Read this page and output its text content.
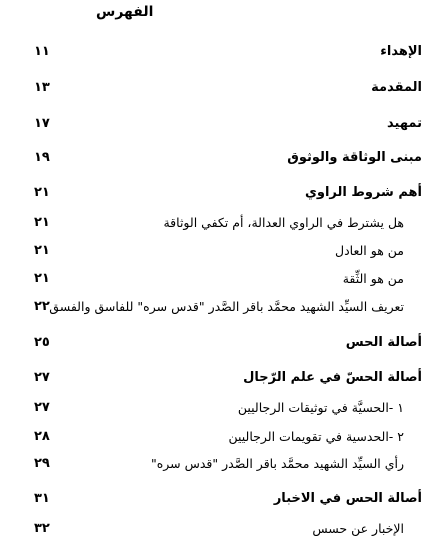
الفهرس
الإهداء
١١
المقدمة
١٣
تمهيد
١٧
مبنى الوثاقة والوثوق
١٩
أهم شروط الراوي
٢١
هل يشترط في الراوي العدالة، أم تكفي الوثاقة
٢١
من هو العادل
٢١
من هو الثِّقة
٢١
تعريف السيِّد الشهيد محمَّد باقر الصَّدر "قدس سره" للفاسق والفسق
٢٢
أصالة الحس
٢٥
أصالة الحسّ في علم الرّجال
٢٧
١ -الحسيَّة في توثيقات الرجاليين
٢٧
٢ -الحدسية في تقويمات الرجاليين
٢٨
رأي السيِّد الشهيد محمَّد باقر الصَّدر "قدس سره"
٢٩
أصالة الحس في الاخبار
٣١
الإخبار عن حسس
٣٢
